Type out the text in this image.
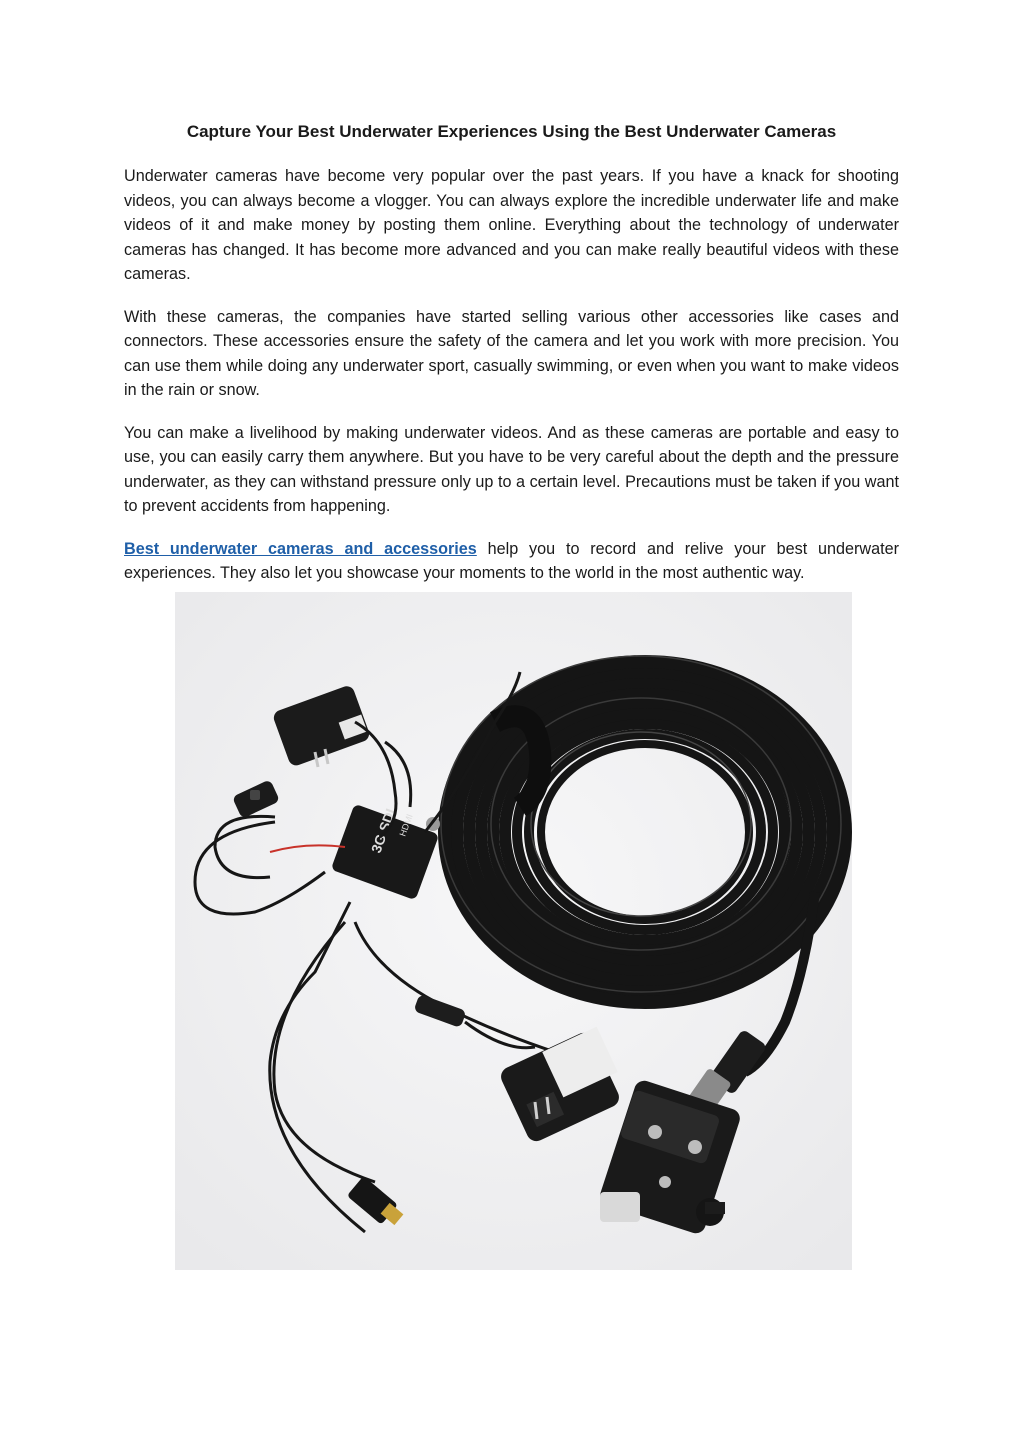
Capture Your Best Underwater Experiences Using the Best Underwater Cameras

Underwater cameras have become very popular over the past years. If you have a knack for shooting videos, you can always become a vlogger. You can always explore the incredible underwater life and make videos of it and make money by posting them online. Everything about the technology of underwater cameras has changed. It has become more advanced and you can make really beautiful videos with these cameras.

With these cameras, the companies have started selling various other accessories like cases and connectors. These accessories ensure the safety of the camera and let you work with more precision. You can use them while doing any underwater sport, casually swimming, or even when you want to make videos in the rain or snow.

You can make a livelihood by making underwater videos. And as these cameras are portable and easy to use, you can easily carry them anywhere. But you have to be very careful about the depth and the pressure underwater, as they can withstand pressure only up to a certain level. Precautions must be taken if you want to prevent accidents from happening.

Best underwater cameras and accessories help you to record and relive your best underwater experiences. They also let you showcase your moments to the world in the most authentic way.

3G SDI
HDMI
